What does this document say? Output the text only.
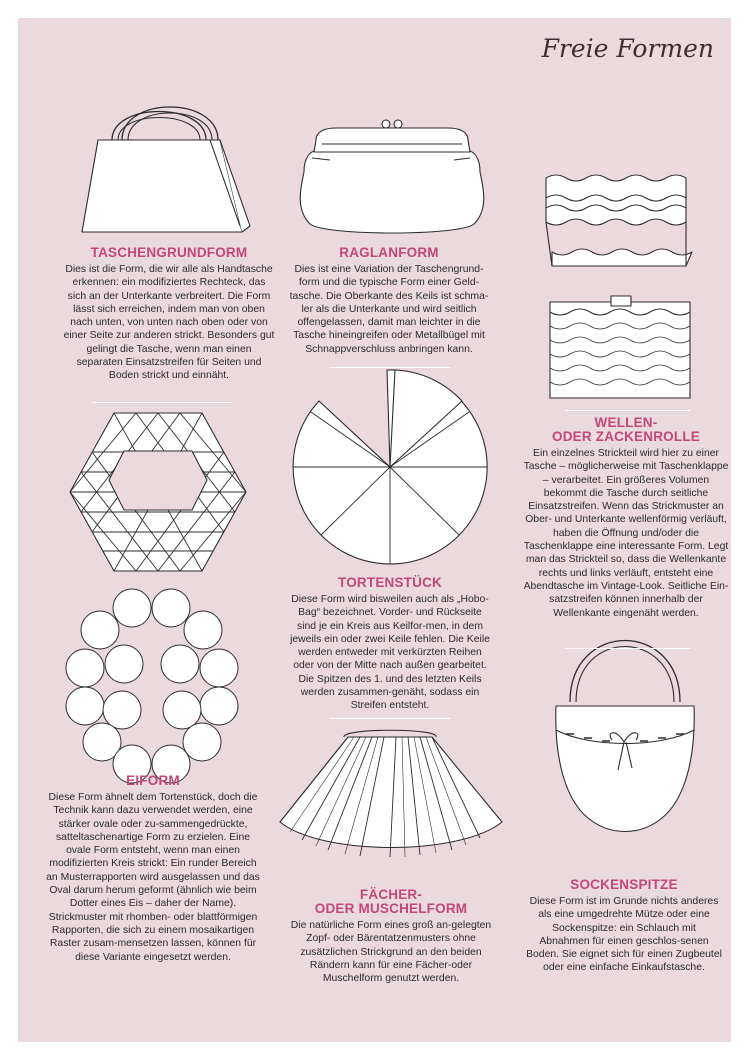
Freie Formen
TASCHENGRUNDFORM

Dies ist die Form, die wir alle als Handtasche erkennen: ein modifiziertes Rechteck, das sich an der Unterkante verbreitert. Die Form lässt sich erreichen, indem man von oben nach unten, von unten nach oben oder von einer Seite zur anderen strickt. Besonders gut gelingt die Tasche, wenn man einen separaten Einsatzstreifen für Seiten und Boden strickt und einnäht.

RAGLANFORM

Dies ist eine Variation der Taschengrund-form und die typische Form einer Geld-tasche. Die Oberkante des Keils ist schma-ler als die Unterkante und wird seitlich offengelassen, damit man leichter in die Tasche hineingreifen oder Metallbügel mit Schnappverschluss anbringen kann.

WELLEN-
ODER ZACKENROLLE

Ein einzelnes Strickteil wird hier zu einer Tasche – möglicherweise mit Taschenklappe – verarbeitet. Ein größeres Volumen bekommt die Tasche durch seitliche Einsatzstreifen. Wenn das Strickmuster an Ober- und Unterkante wellenförmig verläuft, haben die Öffnung und/oder die Taschenklappe eine interessante Form. Legt man das Strickteil so, dass die Wellenkante rechts und links verläuft, entsteht eine Abendtasche im Vintage-Look. Seitliche Ein-satzstreifen können innerhalb der Wellenkante eingenäht werden.

TORTENSTÜCK

Diese Form wird bisweilen auch als „Hobo-Bag“ bezeichnet. Vorder- und Rückseite sind je ein Kreis aus Keilfor-men, in dem jeweils ein oder zwei Keile fehlen. Die Keile werden entweder mit verkürzten Reihen oder von der Mitte nach außen gearbeitet. Die Spitzen des 1. und des letzten Keils werden zusammen-genäht, sodass ein Streifen entsteht.

EIFORM

Diese Form ähnelt dem Tortenstück, doch die Technik kann dazu verwendet werden, eine stärker ovale oder zu-sammengedrückte, satteltaschenartige Form zu erzielen. Eine ovale Form entsteht, wenn man einen modifizierten Kreis strickt: Ein runder Bereich an Musterrapporten wird ausgelassen und das Oval darum herum geformt (ähnlich wie beim Dotter eines Eis – daher der Name). Strickmuster mit rhomben- oder blattförmigen Rapporten, die sich zu einem mosaikartigen Raster zusam-mensetzen lassen, können für diese Variante eingesetzt werden.

FÄCHER-
ODER MUSCHELFORM

Die natürliche Form eines groß an-gelegten Zopf- oder Bärentatzenmusters ohne zusätzlichen Strickgrund an den beiden Rändern kann für eine Fächer-oder Muschelform genutzt werden.

SOCKENSPITZE

Diese Form ist im Grunde nichts anderes als eine umgedrehte Mütze oder eine Sockenspitze: ein Schlauch mit Abnahmen für einen geschlos-senen Boden. Sie eignet sich für einen Zugbeutel oder eine einfache Einkaufstasche.
